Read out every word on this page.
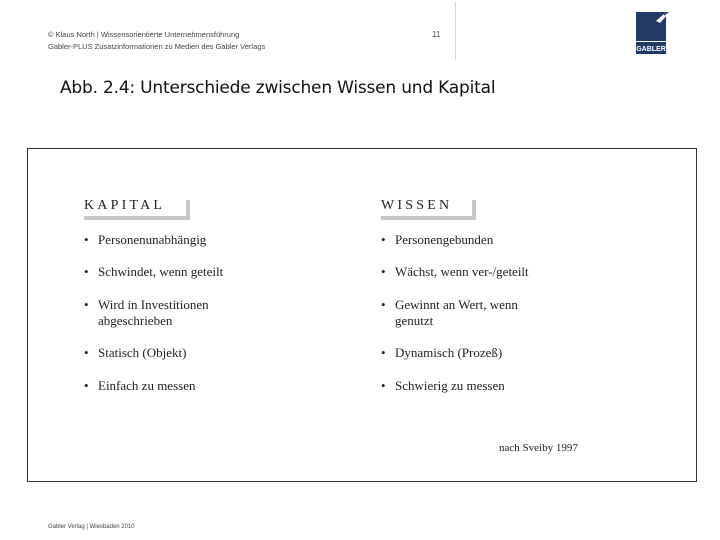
© Klaus North | Wissensorientierte Unternehmensführung
Gabler-PLUS Zusatzinformationen zu Medien des Gabler Verlags
11
GABLER
Abb. 2.4: Unterschiede zwischen Wissen und Kapital
KAPITAL	WISSEN
• Personenunabhängig
• Schwindet, wenn geteilt
• Wird in Investitionen abgeschrieben
• Statisch (Objekt)
• Einfach zu messen
• Personengebunden
• Wächst, wenn ver-/geteilt
• Gewinnt an Wert, wenn genutzt
• Dynamisch (Prozeß)
• Schwierig zu messen
nach Sveiby 1997
Gabler Verlag | Wiesbaden 2010
